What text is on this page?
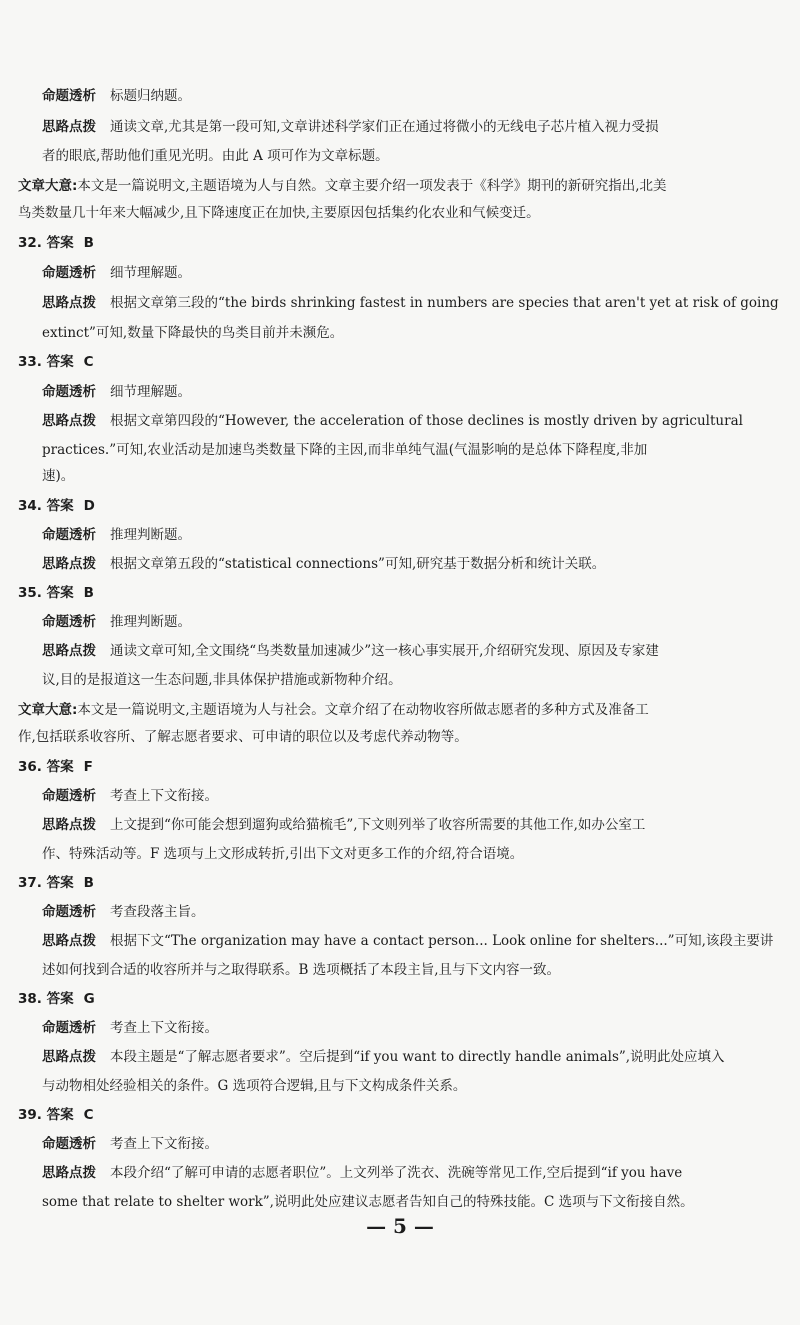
命题透析 标题归纳题。
思路点拨 通读文章,尤其是第一段可知,文章讲述科学家们正在通过将微小的无线电子芯片植入视力受损
者的眼底,帮助他们重见光明。由此 A 项可作为文章标题。
文章大意:本文是一篇说明文,主题语境为人与自然。文章主要介绍一项发表于《科学》期刊的新研究指出,北美
鸟类数量几十年来大幅减少,且下降速度正在加快,主要原因包括集约化农业和气候变迁。
32. 答案 B
命题透析 细节理解题。
思路点拨 根据文章第三段的“the birds shrinking fastest in numbers are species that aren't yet at risk of going
extinct”可知,数量下降最快的鸟类目前并未濒危。
33. 答案 C
命题透析 细节理解题。
思路点拨 根据文章第四段的“However, the acceleration of those declines is mostly driven by agricultural
practices.”可知,农业活动是加速鸟类数量下降的主因,而非单纯气温(气温影响的是总体下降程度,非加
速)。
34. 答案 D
命题透析 推理判断题。
思路点拨 根据文章第五段的“statistical connections”可知,研究基于数据分析和统计关联。
35. 答案 B
命题透析 推理判断题。
思路点拨 通读文章可知,全文围绕“鸟类数量加速减少”这一核心事实展开,介绍研究发现、原因及专家建
议,目的是报道这一生态问题,非具体保护措施或新物种介绍。
文章大意:本文是一篇说明文,主题语境为人与社会。文章介绍了在动物收容所做志愿者的多种方式及准备工
作,包括联系收容所、了解志愿者要求、可申请的职位以及考虑代养动物等。
36. 答案 F
命题透析 考查上下文衔接。
思路点拨 上文提到“你可能会想到遛狗或给猫梳毛”,下文则列举了收容所需要的其他工作,如办公室工
作、特殊活动等。F 选项与上文形成转折,引出下文对更多工作的介绍,符合语境。
37. 答案 B
命题透析 考查段落主旨。
思路点拨 根据下文“The organization may have a contact person... Look online for shelters...”可知,该段主要讲
述如何找到合适的收容所并与之取得联系。B 选项概括了本段主旨,且与下文内容一致。
38. 答案 G
命题透析 考查上下文衔接。
思路点拨 本段主题是“了解志愿者要求”。空后提到“if you want to directly handle animals”,说明此处应填入
与动物相处经验相关的条件。G 选项符合逻辑,且与下文构成条件关系。
39. 答案 C
命题透析 考查上下文衔接。
思路点拨 本段介绍“了解可申请的志愿者职位”。上文列举了洗衣、洗碗等常见工作,空后提到“if you have
some that relate to shelter work”,说明此处应建议志愿者告知自己的特殊技能。C 选项与下文衔接自然。
— 5 —
